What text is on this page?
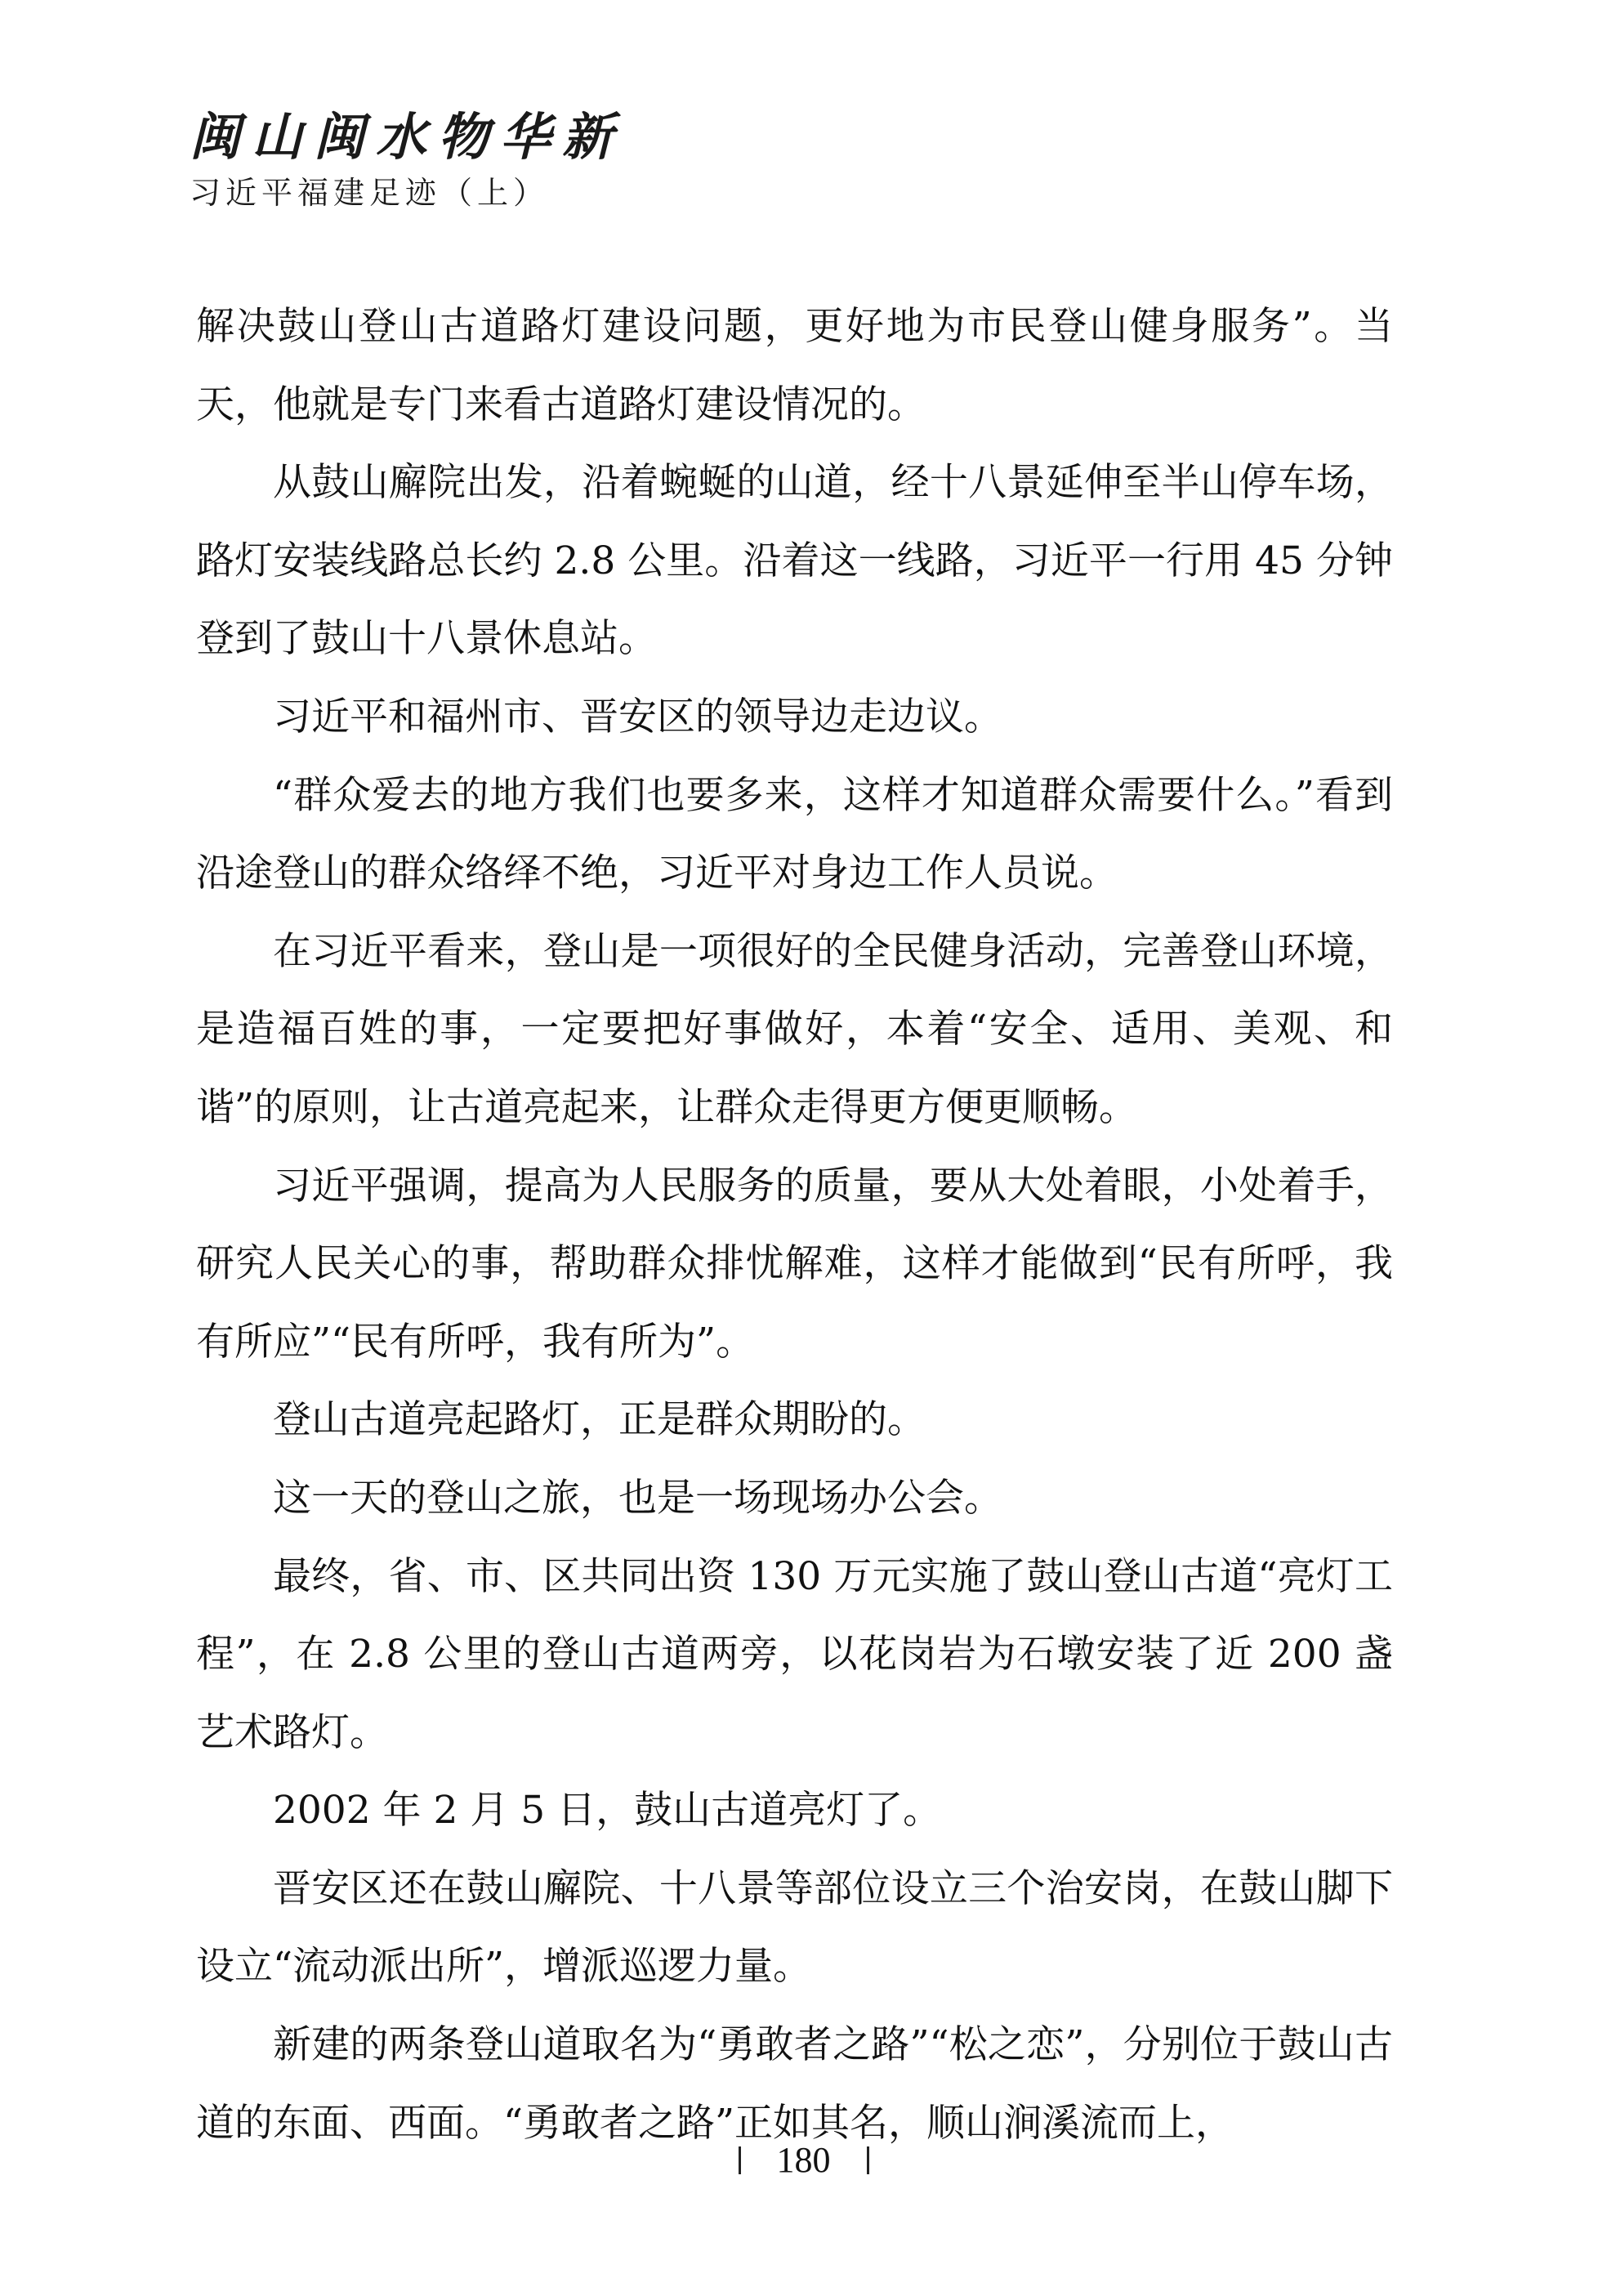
闽山闽水物华新
习近平福建足迹（上）

解决鼓山登山古道路灯建设问题，更好地为市民登山健身服务”。当天，他就是专门来看古道路灯建设情况的。

从鼓山廨院出发，沿着蜿蜒的山道，经十八景延伸至半山停车场，路灯安装线路总长约 2.8 公里。沿着这一线路，习近平一行用 45 分钟登到了鼓山十八景休息站。

习近平和福州市、晋安区的领导边走边议。

“群众爱去的地方我们也要多来，这样才知道群众需要什么。”看到沿途登山的群众络绎不绝，习近平对身边工作人员说。

在习近平看来，登山是一项很好的全民健身活动，完善登山环境，是造福百姓的事，一定要把好事做好，本着“安全、适用、美观、和谐”的原则，让古道亮起来，让群众走得更方便更顺畅。

习近平强调，提高为人民服务的质量，要从大处着眼，小处着手，研究人民关心的事，帮助群众排忧解难，这样才能做到“民有所呼，我有所应”“民有所呼，我有所为”。

登山古道亮起路灯，正是群众期盼的。

这一天的登山之旅，也是一场现场办公会。

最终，省、市、区共同出资 130 万元实施了鼓山登山古道“亮灯工程”，在 2.8 公里的登山古道两旁，以花岗岩为石墩安装了近 200 盏艺术路灯。

2002 年 2 月 5 日，鼓山古道亮灯了。

晋安区还在鼓山廨院、十八景等部位设立三个治安岗，在鼓山脚下设立“流动派出所”，增派巡逻力量。

新建的两条登山道取名为“勇敢者之路”“松之恋”，分别位于鼓山古道的东面、西面。“勇敢者之路”正如其名，顺山涧溪流而上，

180
